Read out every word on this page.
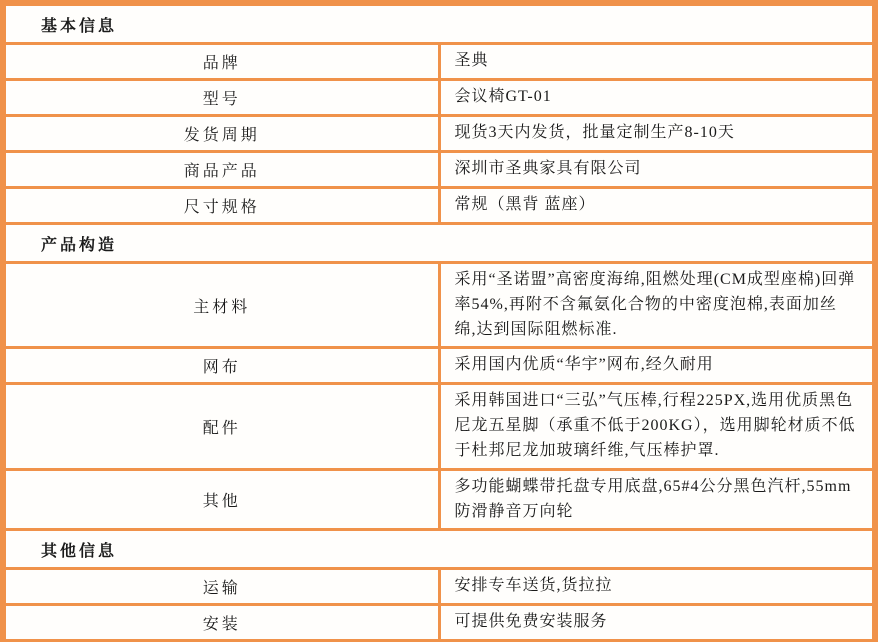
基本信息	
品牌	圣典
型号	会议椅GT-01
发货周期	现货3天内发货，批量定制生产8-10天
商品产品	深圳市圣典家具有限公司
尺寸规格	常规（黑背 蓝座）
产品构造	
主材料	采用“圣诺盟”高密度海绵,阻燃处理(CM成型座棉)回弹率54%,再附不含氟氨化合物的中密度泡棉,表面加丝绵,达到国际阻燃标准.
网布	采用国内优质“华宇”网布,经久耐用
配件	采用韩国进口“三弘”气压棒,行程225PX,选用优质黑色尼龙五星脚（承重不低于200KG），选用脚轮材质不低于杜邦尼龙加玻璃纤维,气压棒护罩.
其他	多功能蝴蝶带托盘专用底盘,65#4公分黑色汽杆,55mm防滑静音万向轮
其他信息	
运输	安排专车送货,货拉拉
安装	可提供免费安装服务
